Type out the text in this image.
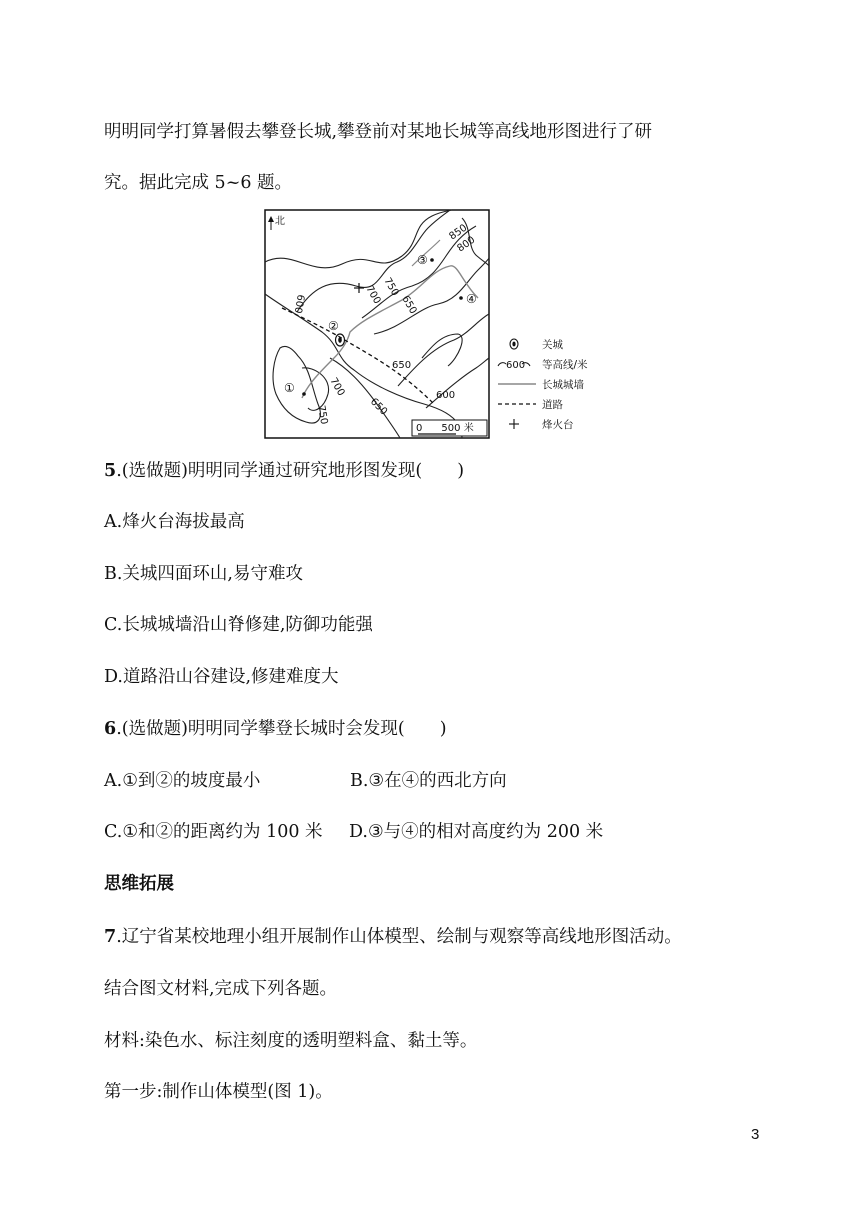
明明同学打算暑假去攀登长城,攀登前对某地长城等高线地形图进行了研
究。据此完成 5~6 题。
北
①
②
③
④
850
800
750
700
600
650
650
600
700
650
750
0      500 米
关城
600 等高线/米
长城城墙
道路
烽火台
5.(选做题)明明同学通过研究地形图发现(　　)
A.烽火台海拔最高
B.关城四面环山,易守难攻
C.长城城墙沿山脊修建,防御功能强
D.道路沿山谷建设,修建难度大
6.(选做题)明明同学攀登长城时会发现(　　)
A.①到②的坡度最小	B.③在④的西北方向
C.①和②的距离约为 100 米 D.③与④的相对高度约为 200 米
思维拓展
7.辽宁省某校地理小组开展制作山体模型、绘制与观察等高线地形图活动。
结合图文材料,完成下列各题。
材料:染色水、标注刻度的透明塑料盒、黏土等。
第一步:制作山体模型(图 1)。
3
